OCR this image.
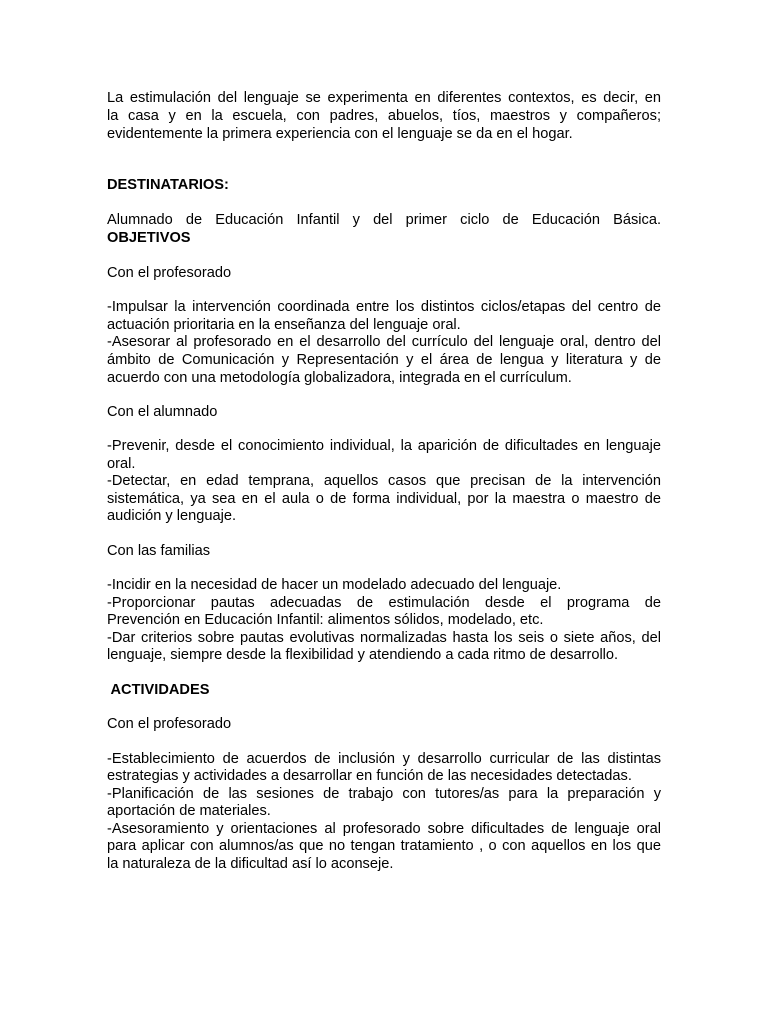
La estimulación del lenguaje se experimenta en diferentes contextos, es decir, en
la casa y en la escuela, con padres, abuelos, tíos, maestros y compañeros;
evidentemente la primera experiencia con el lenguaje se da en el hogar.
DESTINATARIOS:
Alumnado de Educación Infantil y del primer ciclo de Educación Básica.
OBJETIVOS
Con el profesorado
-Impulsar la intervención coordinada entre los distintos ciclos/etapas del centro de
actuación prioritaria en la enseñanza del lenguaje oral.
-Asesorar al profesorado en el desarrollo del currículo del lenguaje oral, dentro del
ámbito de Comunicación y Representación y el área de lengua y literatura y de
acuerdo con una metodología globalizadora, integrada en el currículum.
Con el alumnado
-Prevenir, desde el conocimiento individual, la aparición de dificultades en lenguaje
oral.
-Detectar, en edad temprana, aquellos casos que precisan de la intervención
sistemática, ya sea en el aula o de forma individual, por la maestra o maestro de
audición y lenguaje.
Con las familias
-Incidir en la necesidad de hacer un modelado adecuado del lenguaje.
-Proporcionar pautas adecuadas de estimulación desde el programa de
Prevención en Educación Infantil: alimentos sólidos, modelado, etc.
-Dar criterios sobre pautas evolutivas normalizadas hasta los seis o siete años, del
lenguaje, siempre desde la flexibilidad y atendiendo a cada ritmo de desarrollo.
ACTIVIDADES
Con el profesorado
-Establecimiento de acuerdos de inclusión y desarrollo curricular de las distintas
estrategias y actividades a desarrollar en función de las necesidades detectadas.
-Planificación de las sesiones de trabajo con tutores/as para la preparación y
aportación de materiales.
-Asesoramiento y orientaciones al profesorado sobre dificultades de lenguaje oral
para aplicar con alumnos/as que no tengan tratamiento , o con aquellos en los que
la naturaleza de la dificultad así lo aconseje.
